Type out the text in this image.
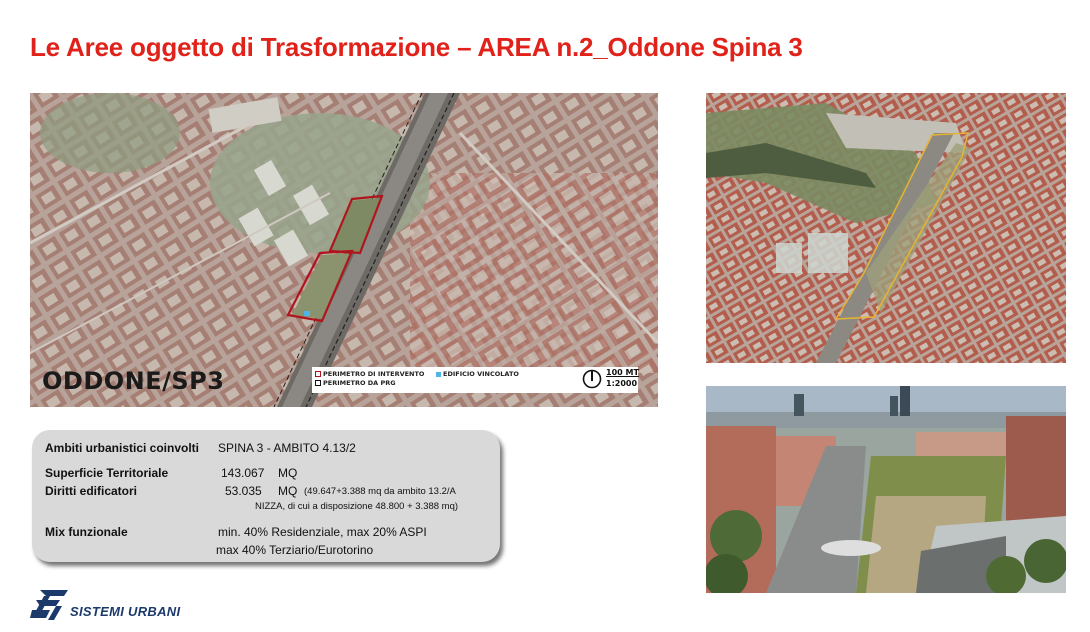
Le Aree oggetto di Trasformazione – AREA n.2_Oddone Spina 3
ODDONE/SP3	PERIMETRO DI INTERVENTO
PERIMETRO DA PRG
EDIFICIO VINCOLATO	100 MT
1:2000
Ambiti urbanistici coinvolti SPINA 3 - AMBITO 4.13/2
Superficie Territoriale	143.067 MQ
Diritti edificatori	53.035 MQ (49.647+3.388 mq da ambito 13.2/A
NIZZA, di cui a disposizione 48.800 + 3.388 mq)
Mix funzionale	min. 40% Residenziale, max 20% ASPI
max 40% Terziario/Eurotorino
SISTEMI URBANI
